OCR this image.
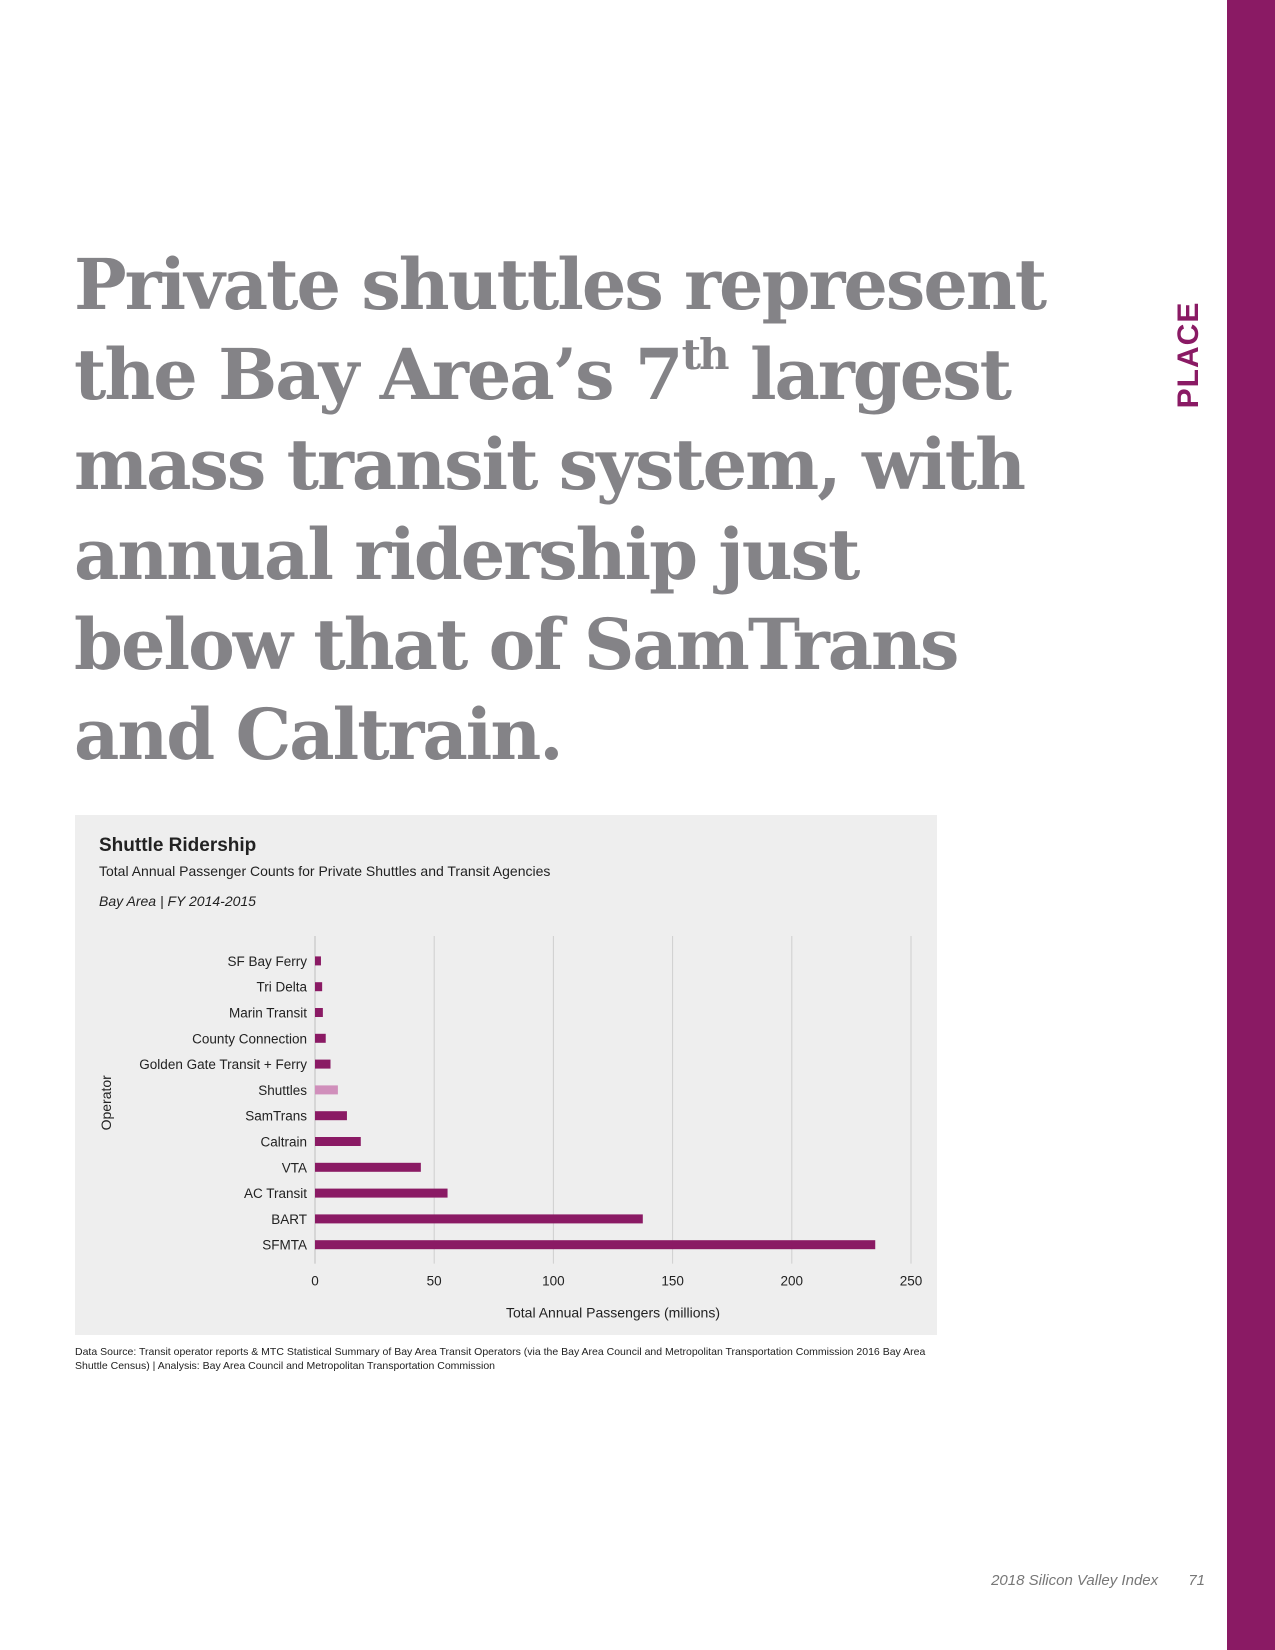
PLACE
Private shuttles represent
the Bay Area’s 7th largest
mass transit system, with
annual ridership just
below that of SamTrans
and Caltrain.
Shuttle Ridership
Total Annual Passenger Counts for Private Shuttles and Transit Agencies
Bay Area | FY 2014-2015
SF Bay Ferry
Tri Delta
Marin Transit
County Connection
Golden Gate Transit + Ferry
Shuttles
SamTrans
Caltrain
VTA
AC Transit
BART
SFMTA
0	50	100	150	200	250
Total Annual Passengers (millions)
Operator
Data Source: Transit operator reports & MTC Statistical Summary of Bay Area Transit Operators (via the Bay Area Council and Metropolitan Transportation Commission 2016 Bay Area Shuttle Census) | Analysis: Bay Area Council and Metropolitan Transportation Commission
2018 Silicon Valley Index 71
